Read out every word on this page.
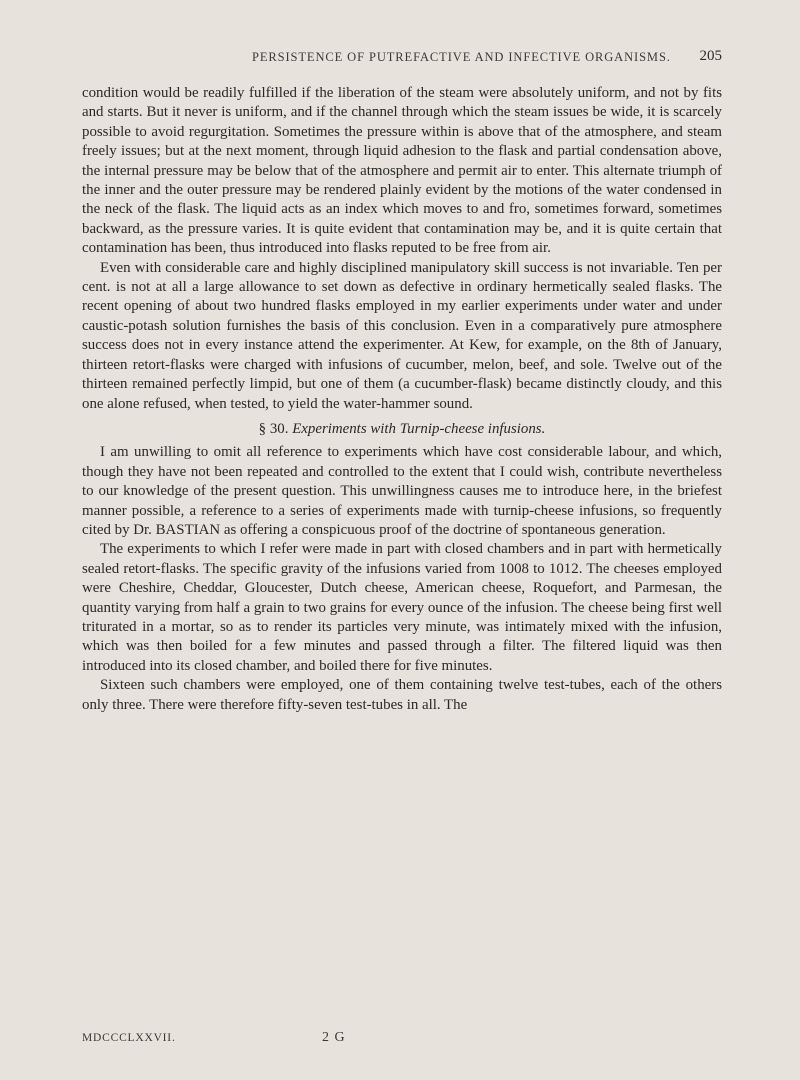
PERSISTENCE OF PUTREFACTIVE AND INFECTIVE ORGANISMS. 205

condition would be readily fulfilled if the liberation of the steam were absolutely uniform, and not by fits and starts. But it never is uniform, and if the channel through which the steam issues be wide, it is scarcely possible to avoid regurgitation. Sometimes the pressure within is above that of the atmosphere, and steam freely issues; but at the next moment, through liquid adhesion to the flask and partial condensation above, the internal pressure may be below that of the atmosphere and permit air to enter. This alternate triumph of the inner and the outer pressure may be rendered plainly evident by the motions of the water condensed in the neck of the flask. The liquid acts as an index which moves to and fro, sometimes forward, sometimes backward, as the pressure varies. It is quite evident that contamination may be, and it is quite certain that contamination has been, thus introduced into flasks reputed to be free from air.

Even with considerable care and highly disciplined manipulatory skill success is not invariable. Ten per cent. is not at all a large allowance to set down as defective in ordinary hermetically sealed flasks. The recent opening of about two hundred flasks employed in my earlier experiments under water and under caustic-potash solution furnishes the basis of this conclusion. Even in a comparatively pure atmosphere success does not in every instance attend the experimenter. At Kew, for example, on the 8th of January, thirteen retort-flasks were charged with infusions of cucumber, melon, beef, and sole. Twelve out of the thirteen remained perfectly limpid, but one of them (a cucumber-flask) became distinctly cloudy, and this one alone refused, when tested, to yield the water-hammer sound.

§ 30. Experiments with Turnip-cheese infusions.

I am unwilling to omit all reference to experiments which have cost considerable labour, and which, though they have not been repeated and controlled to the extent that I could wish, contribute nevertheless to our knowledge of the present question. This unwillingness causes me to introduce here, in the briefest manner possible, a reference to a series of experiments made with turnip-cheese infusions, so frequently cited by Dr. BASTIAN as offering a conspicuous proof of the doctrine of spontaneous generation.

The experiments to which I refer were made in part with closed chambers and in part with hermetically sealed retort-flasks. The specific gravity of the infusions varied from 1008 to 1012. The cheeses employed were Cheshire, Cheddar, Gloucester, Dutch cheese, American cheese, Roquefort, and Parmesan, the quantity varying from half a grain to two grains for every ounce of the infusion. The cheese being first well triturated in a mortar, so as to render its particles very minute, was intimately mixed with the infusion, which was then boiled for a few minutes and passed through a filter. The filtered liquid was then introduced into its closed chamber, and boiled there for five minutes.

Sixteen such chambers were employed, one of them containing twelve test-tubes, each of the others only three. There were therefore fifty-seven test-tubes in all. The

MDCCCLXXVII.	2 G
